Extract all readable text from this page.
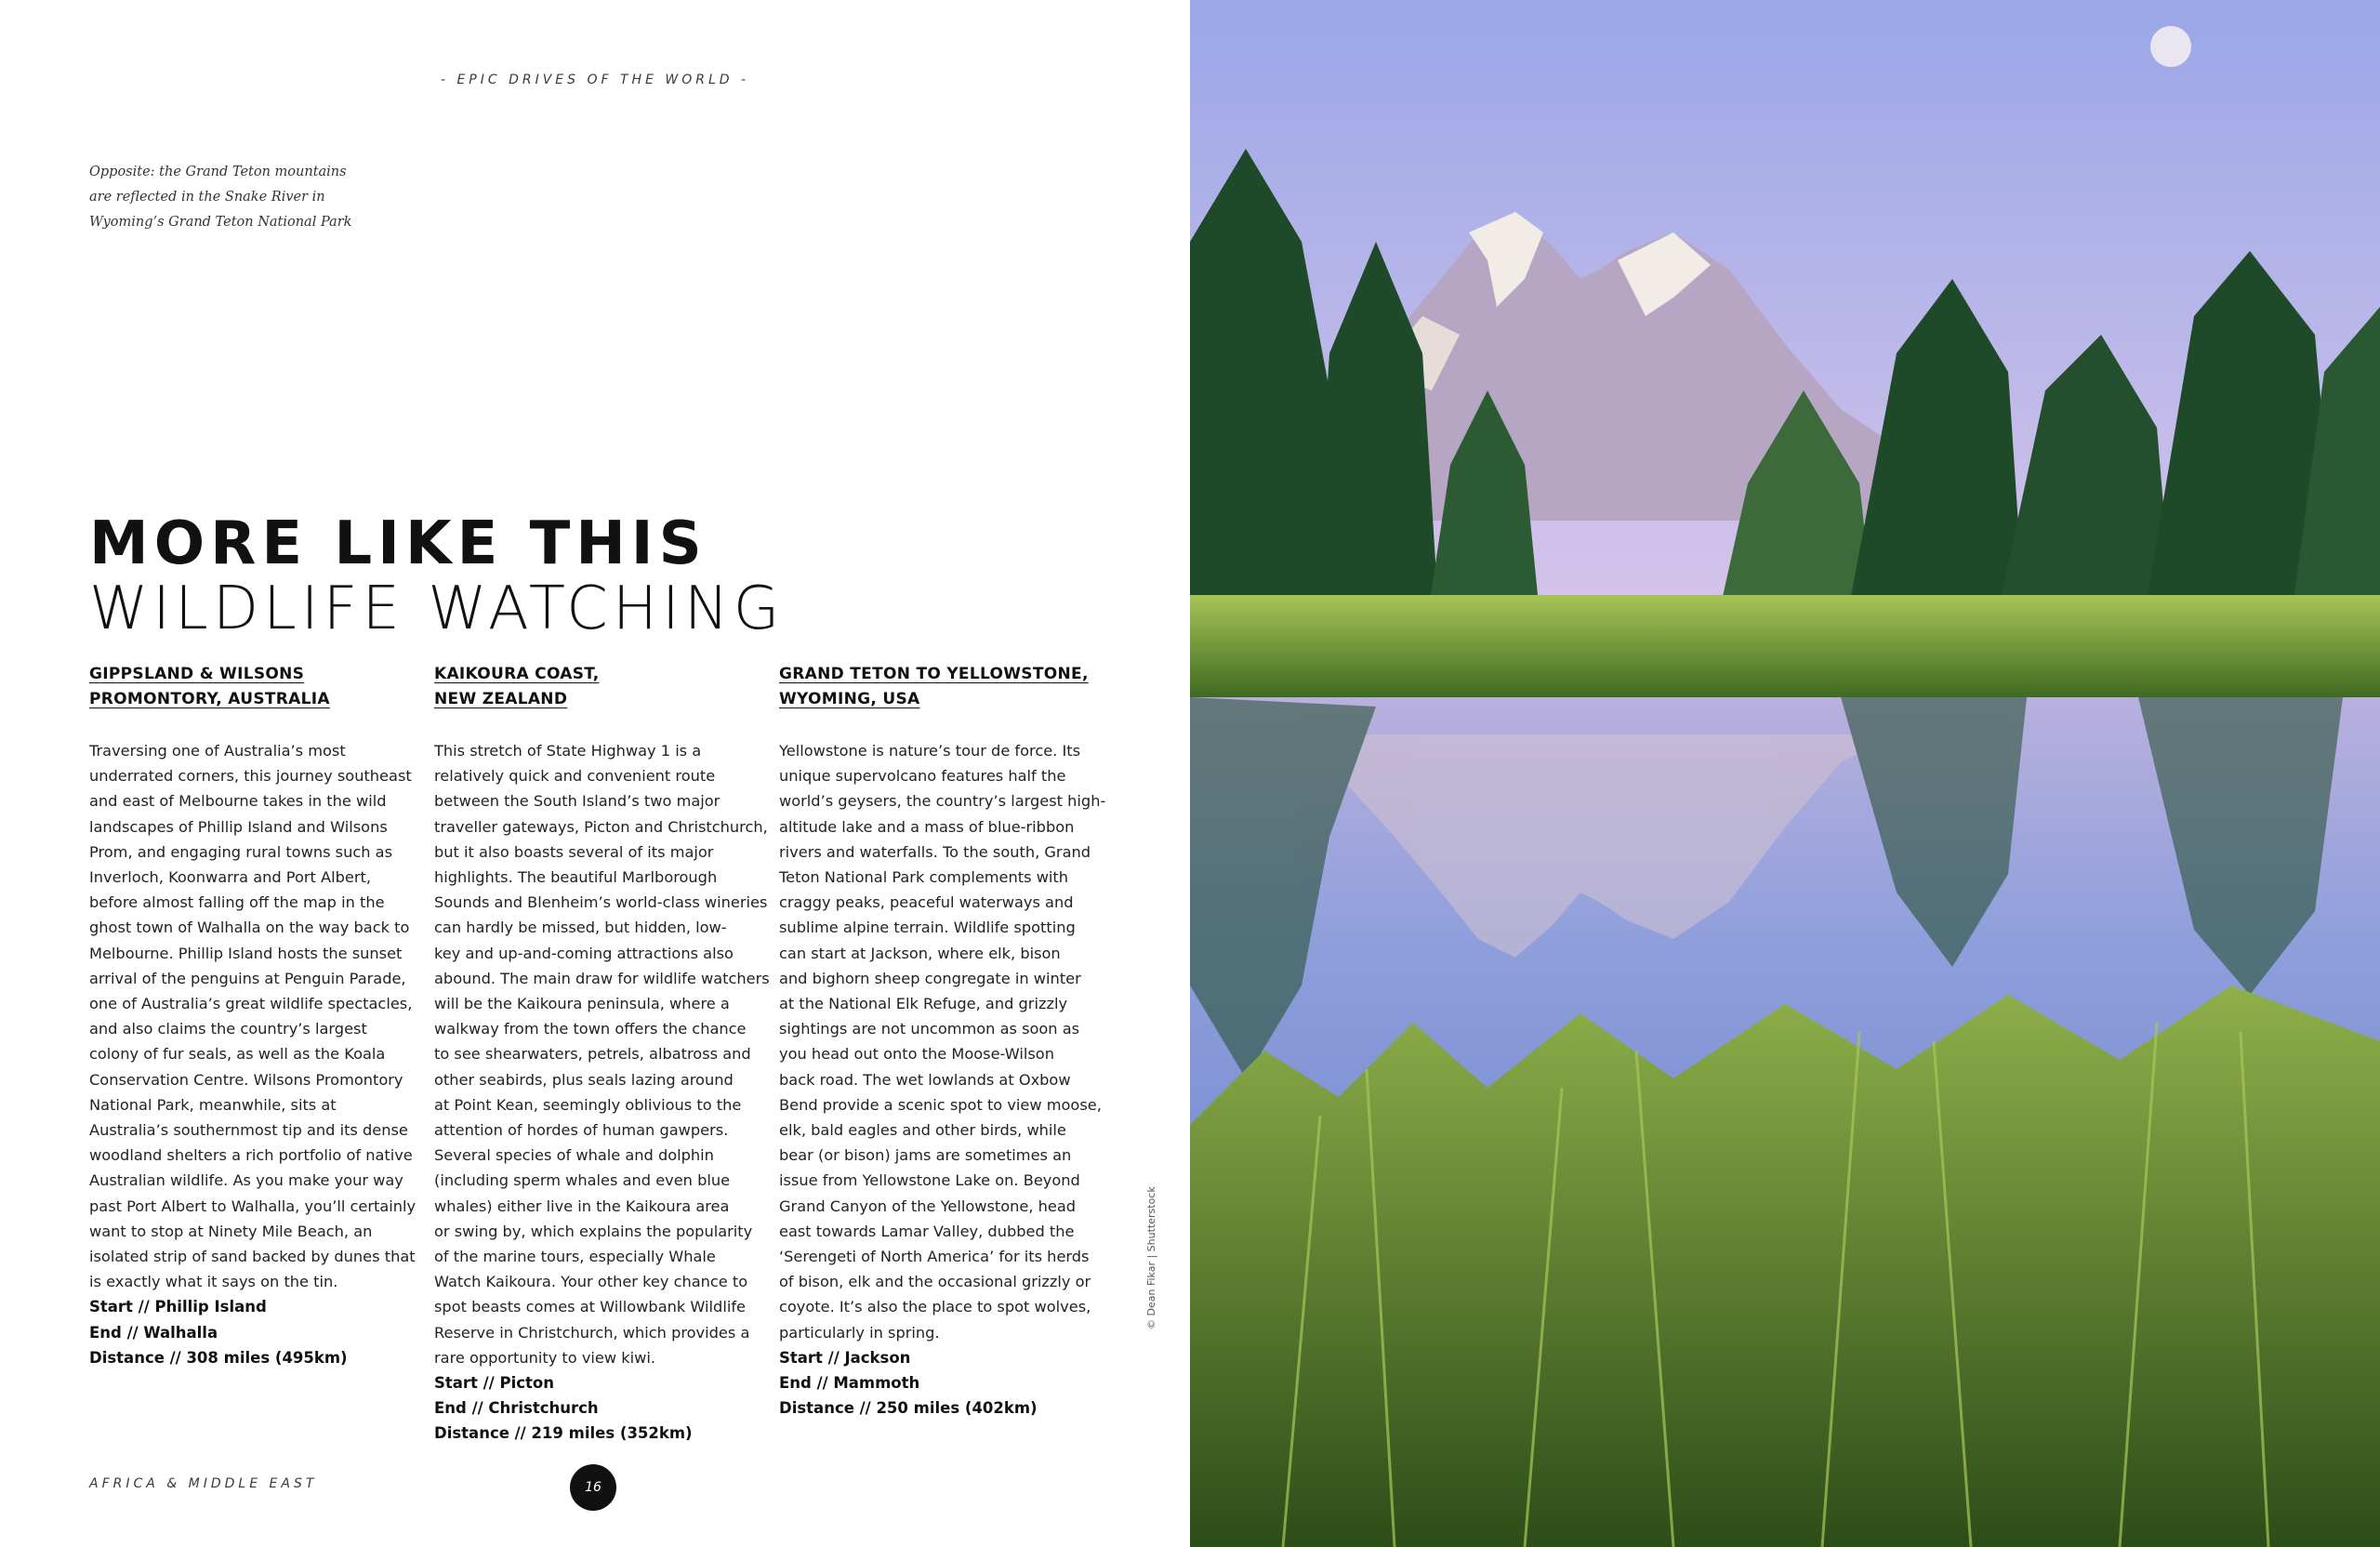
- EPIC DRIVES OF THE WORLD -
Opposite: the Grand Teton mountains
are reflected in the Snake River in
Wyoming’s Grand Teton National Park
MORE LIKE THIS
WILDLIFE WATCHING
GIPPSLAND & WILSONS
PROMONTORY, AUSTRALIA
Traversing one of Australia’s most
underrated corners, this journey southeast
and east of Melbourne takes in the wild
landscapes of Phillip Island and Wilsons
Prom, and engaging rural towns such as
Inverloch, Koonwarra and Port Albert,
before almost falling off the map in the
ghost town of Walhalla on the way back to
Melbourne. Phillip Island hosts the sunset
arrival of the penguins at Penguin Parade,
one of Australia’s great wildlife spectacles,
and also claims the country’s largest
colony of fur seals, as well as the Koala
Conservation Centre. Wilsons Promontory
National Park, meanwhile, sits at
Australia’s southernmost tip and its dense
woodland shelters a rich portfolio of native
Australian wildlife. As you make your way
past Port Albert to Walhalla, you’ll certainly
want to stop at Ninety Mile Beach, an
isolated strip of sand backed by dunes that
is exactly what it says on the tin.
Start // Phillip Island
End // Walhalla
Distance // 308 miles (495km)
KAIKOURA COAST,
NEW ZEALAND
This stretch of State Highway 1 is a
relatively quick and convenient route
between the South Island’s two major
traveller gateways, Picton and Christchurch,
but it also boasts several of its major
highlights. The beautiful Marlborough
Sounds and Blenheim’s world-class wineries
can hardly be missed, but hidden, low-
key and up-and-coming attractions also
abound. The main draw for wildlife watchers
will be the Kaikoura peninsula, where a
walkway from the town offers the chance
to see shearwaters, petrels, albatross and
other seabirds, plus seals lazing around
at Point Kean, seemingly oblivious to the
attention of hordes of human gawpers.
Several species of whale and dolphin
(including sperm whales and even blue
whales) either live in the Kaikoura area
or swing by, which explains the popularity
of the marine tours, especially Whale
Watch Kaikoura. Your other key chance to
spot beasts comes at Willowbank Wildlife
Reserve in Christchurch, which provides a
rare opportunity to view kiwi.
Start // Picton
End // Christchurch
Distance // 219 miles (352km)
GRAND TETON TO YELLOWSTONE,
WYOMING, USA
Yellowstone is nature’s tour de force. Its
unique supervolcano features half the
world’s geysers, the country’s largest high-
altitude lake and a mass of blue-ribbon
rivers and waterfalls. To the south, Grand
Teton National Park complements with
craggy peaks, peaceful waterways and
sublime alpine terrain. Wildlife spotting
can start at Jackson, where elk, bison
and bighorn sheep congregate in winter
at the National Elk Refuge, and grizzly
sightings are not uncommon as soon as
you head out onto the Moose-Wilson
back road. The wet lowlands at Oxbow
Bend provide a scenic spot to view moose,
elk, bald eagles and other birds, while
bear (or bison) jams are sometimes an
issue from Yellowstone Lake on. Beyond
Grand Canyon of the Yellowstone, head
east towards Lamar Valley, dubbed the
‘Serengeti of North America’ for its herds
of bison, elk and the occasional grizzly or
coyote. It’s also the place to spot wolves,
particularly in spring.
Start // Jackson
End // Mammoth
Distance // 250 miles (402km)
AFRICA & MIDDLE EAST	16
© Dean Fikar | Shutterstock
